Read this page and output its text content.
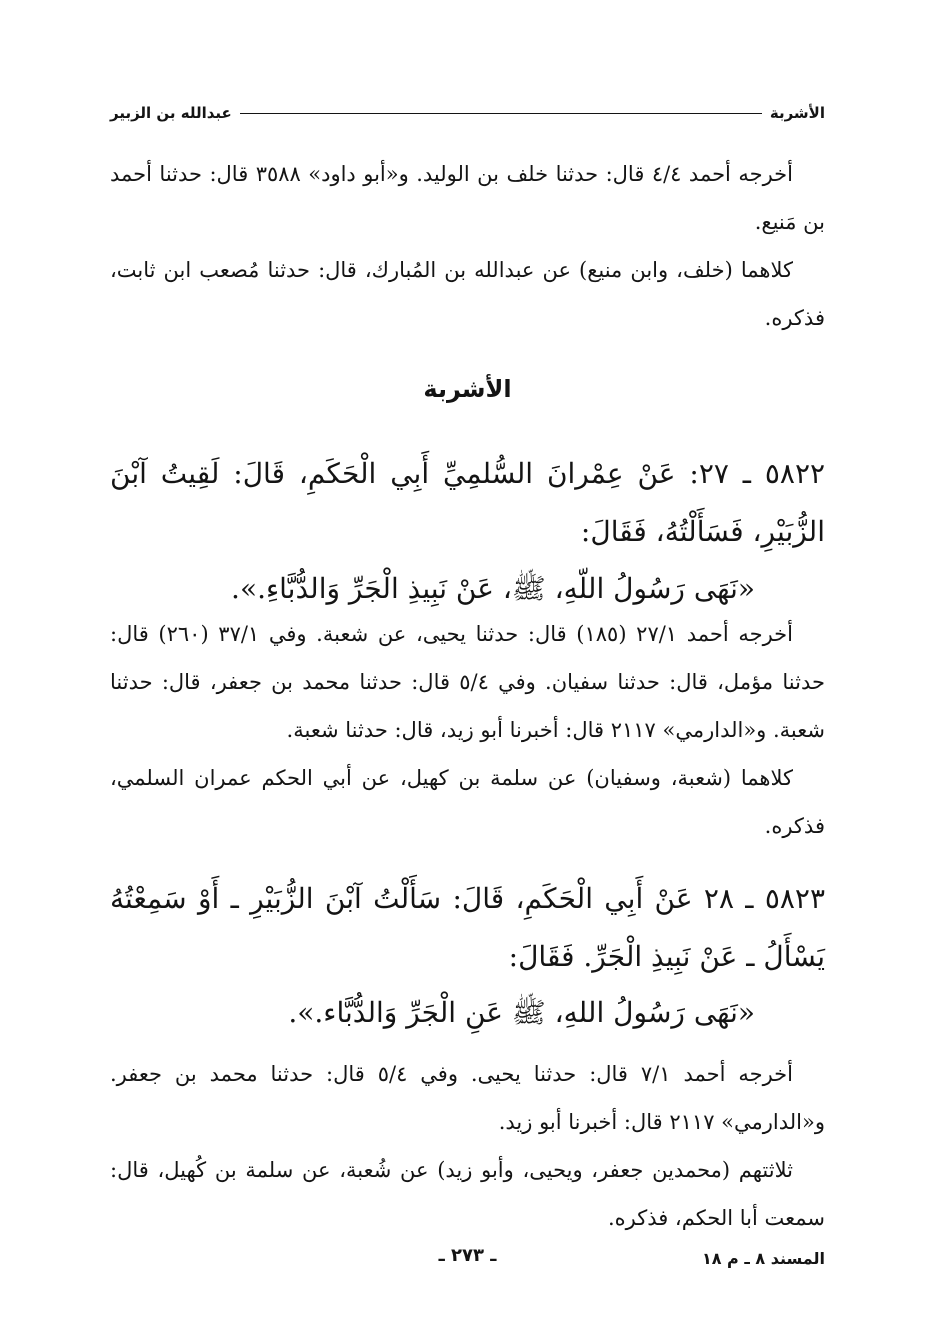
الأشربة
عبدالله بن الزبير

أخرجه أحمد ٤/٤ قال: حدثنا خلف بن الوليد. و«أبو داود» ٣٥٨٨ قال: حدثنا أحمد بن مَنيع.

كلاهما (خلف، وابن منيع) عن عبدالله بن المُبارك، قال: حدثنا مُصعب ابن ثابت، فذكره.

الأشربة
٥٨٢٢ ـ ٢٧: عَنْ عِمْرانَ السُّلمِيِّ أَبِي الْحَكَمِ، قَالَ: لَقِيتُ آبْنَ الزُّبَيْرِ، فَسَأَلْتُهُ، فَقَالَ:
«نَهَى رَسُولُ اللّهِ، ﷺ، عَنْ نَبِيذِ الْجَرِّ وَالدُّبَّاءِ.».

أخرجه أحمد ٢٧/١ (١٨٥) قال: حدثنا يحيى، عن شعبة. وفي ٣٧/١ (٢٦٠) قال: حدثنا مؤمل، قال: حدثنا سفيان. وفي ٥/٤ قال: حدثنا محمد بن جعفر، قال: حدثنا شعبة. و«الدارمي» ٢١١٧ قال: أخبرنا أبو زيد، قال: حدثنا شعبة.

كلاهما (شعبة، وسفيان) عن سلمة بن كهيل، عن أبي الحكم عمران السلمي، فذكره.

٥٨٢٣ ـ ٢٨ عَنْ أَبِي الْحَكَمِ، قَالَ: سَأَلْتُ آبْنَ الزُّبَيْرِ ـ أَوْ سَمِعْتُهُ يَسْأَلُ ـ عَنْ نَبِيذِ الْجَرِّ. فَقَالَ:
«نَهَى رَسُولُ اللهِ، ﷺ عَنِ الْجَرِّ وَالدُّبَّاء.».

أخرجه أحمد ٧/١ قال: حدثنا يحيى. وفي ٥/٤ قال: حدثنا محمد بن جعفر. و«الدارمي» ٢١١٧ قال: أخبرنا أبو زيد.

ثلاثتهم (محمدين جعفر، ويحيى، وأبو زيد) عن شُعبة، عن سلمة بن كُهيل، قال: سمعت أبا الحكم، فذكره.

المسند ٨ ـ م ١٨
ـ ٢٧٣ ـ
